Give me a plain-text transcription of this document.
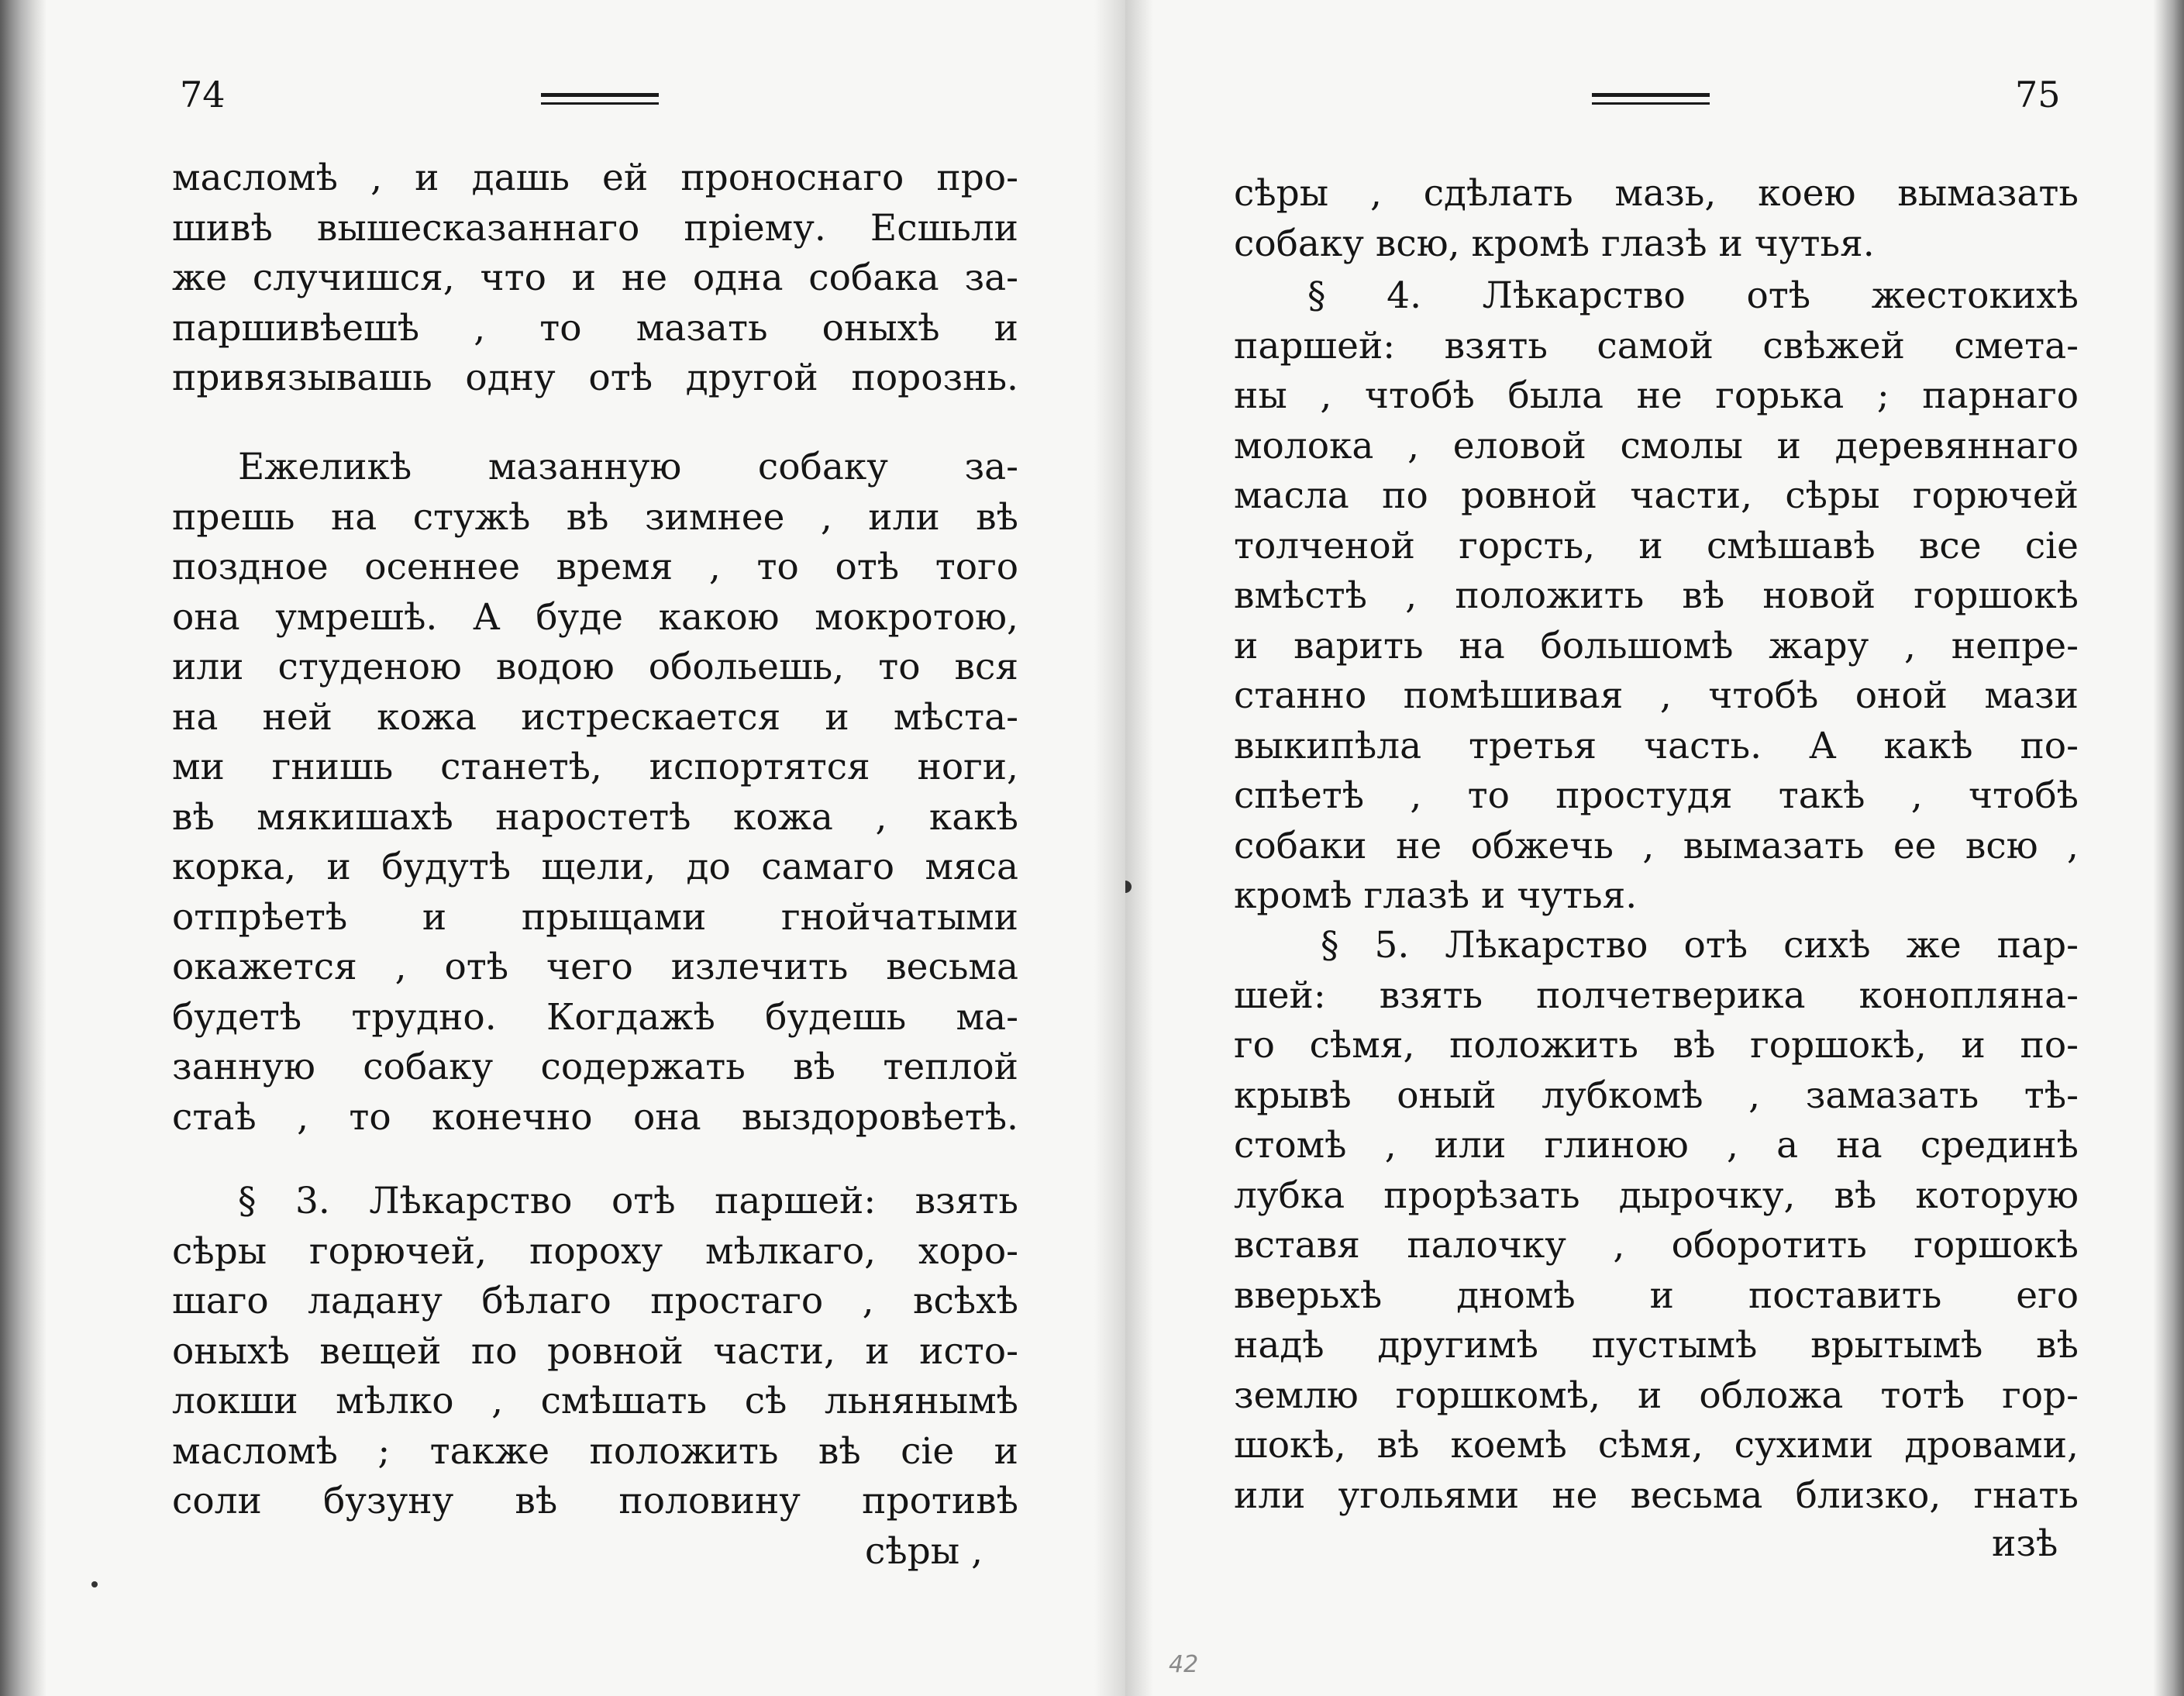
74
масломѣ , и дашь ей проноснаго про-
шивѣ вышесказаннаго пріему. Есшьли
же случишся, что и не одна собака за-
паршивѣешѣ , то мазать оныхѣ и
привязывашь одну отѣ другой порознь.
Ежеликѣ мазанную собаку за-
прешь на стужѣ вѣ зимнее , или вѣ
поздное осеннее время , то отѣ того
она умрешѣ. А буде какою мокротою,
или студеною водою обольешь, то вся
на ней кожа истрескается и мѣста-
ми гнишь станетѣ, испортятся ноги,
вѣ мякишахѣ наростетѣ кожа , какѣ
корка, и будутѣ щели, до самаго мяса
отпрѣетѣ и прыщами гнойчатыми
окажется , отѣ чего излечить весьма
будетѣ трудно. Когдажѣ будешь ма-
занную собаку содержать вѣ теплой
стаѣ , то конечно она выздоровѣетѣ.
§ 3. Лѣкарство отѣ паршей: взять
сѣры горючей, пороху мѣлкаго, хоро-
шаго ладану бѣлаго простаго , всѣхѣ
оныхѣ вещей по ровной части, и исто-
локши мѣлко , смѣшать сѣ льнянымѣ
масломѣ ; также положить вѣ сіе и
соли бузуну вѣ половину противѣ
сѣры ,
75
сѣры , сдѣлать мазь, коею вымазать
собаку всю, кромѣ глазѣ и чутья.
§ 4. Лѣкарство отѣ жестокихѣ
паршей: взять самой свѣжей смета-
ны , чтобѣ была не горька ; парнаго
молока , еловой смолы и деревяннаго
масла по ровной части, сѣры горючей
толченой горсть, и смѣшавѣ все сіе
вмѣстѣ , положить вѣ новой горшокѣ
и варить на большомѣ жару , непре-
станно помѣшивая , чтобѣ оной мази
выкипѣла третья часть. А какѣ по-
спѣетѣ , то простудя такѣ , чтобѣ
собаки не обжечь , вымазать ее всю ,
кромѣ глазѣ и чутья.
§ 5. Лѣкарство отѣ сихѣ же пар-
шей: взять полчетверика конопляна-
го сѣмя, положить вѣ горшокѣ, и по-
крывѣ оный лубкомѣ , замазать тѣ-
стомѣ , или глиною , а на срединѣ
лубка прорѣзать дырочку, вѣ которую
вставя палочку , оборотить горшокѣ
вверьхѣ дномѣ и поставить его
надѣ другимѣ пустымѣ врытымѣ вѣ
землю горшкомѣ, и обложа тотѣ гор-
шокѣ, вѣ коемѣ сѣмя, сухими дровами,
или угольями не весьма близко, гнать
изѣ
42
